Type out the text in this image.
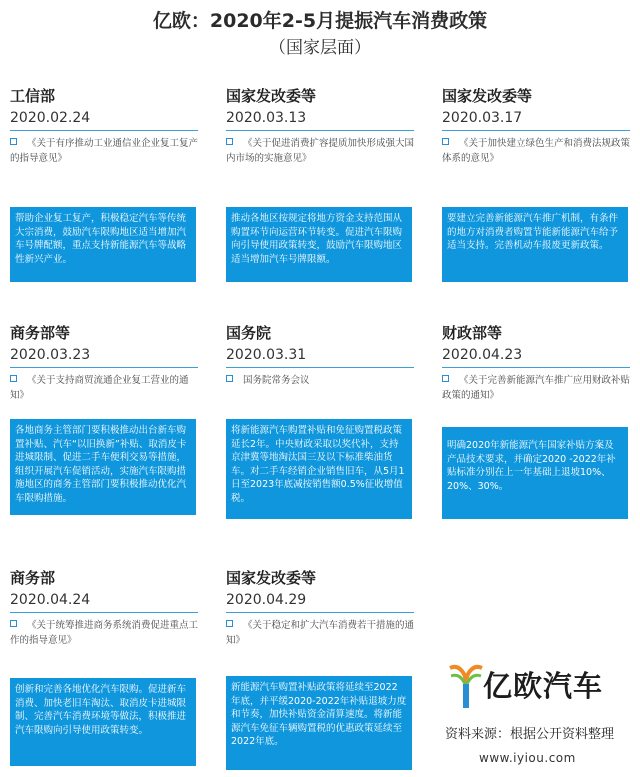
亿欧：2020年2-5月提振汽车消费政策
（国家层面）
工信部
2020.02.24
《关于有序推动工业通信业企业复工复产的指导意见》
帮助企业复工复产，积极稳定汽车等传统大宗消费，鼓励汽车限购地区适当增加汽车号牌配额，重点支持新能源汽车等战略性新兴产业。
国家发改委等
2020.03.13
《关于促进消费扩容提质加快形成强大国内市场的实施意见》
推动各地区按规定将地方资金支持范围从购置环节向运营环节转变。促进汽车限购向引导使用政策转变，鼓励汽车限购地区适当增加汽车号牌限额。
国家发改委等
2020.03.17
《关于加快建立绿色生产和消费法规政策体系的意见》
要建立完善新能源汽车推广机制，有条件的地方对消费者购置节能新能源汽车给予适当支持。完善机动车报废更新政策。
商务部等
2020.03.23
《关于支持商贸流通企业复工营业的通知》
各地商务主管部门要积极推动出台新车购置补贴、汽车“以旧换新”补贴、取消皮卡进城限制、促进二手车便利交易等措施，组织开展汽车促销活动，实施汽车限购措施地区的商务主管部门要积极推动优化汽车限购措施。
国务院
2020.03.31
国务院常务会议
将新能源汽车购置补贴和免征购置税政策延长2年。中央财政采取以奖代补，支持京津冀等地淘汰国三及以下标准柴油货车。对二手车经销企业销售旧车，从5月1日至2023年底减按销售额0.5%征收增值税。
财政部等
2020.04.23
《关于完善新能源汽车推广应用财政补贴政策的通知》
明确2020年新能源汽车国家补贴方案及产品技术要求，并确定2020 -2022年补贴标准分别在上一年基础上退坡10%、20%、30%。
商务部
2020.04.24
《关于统筹推进商务系统消费促进重点工作的指导意见》
创新和完善各地优化汽车限购。促进新车消费、加快老旧车淘汰、取消皮卡进城限制、完善汽车消费环境等做法，积极推进汽车限购向引导使用政策转变。
国家发改委等
2020.04.29
《关于稳定和扩大汽车消费若干措施的通知》
新能源汽车购置补贴政策将延续至2022年底，并平缓2020-2022年补贴退坡力度和节奏，加快补贴资金清算速度。将新能源汽车免征车辆购置税的优惠政策延续至2022年底。
亿欧汽车
资料来源：根据公开资料整理
www.iyiou.com
